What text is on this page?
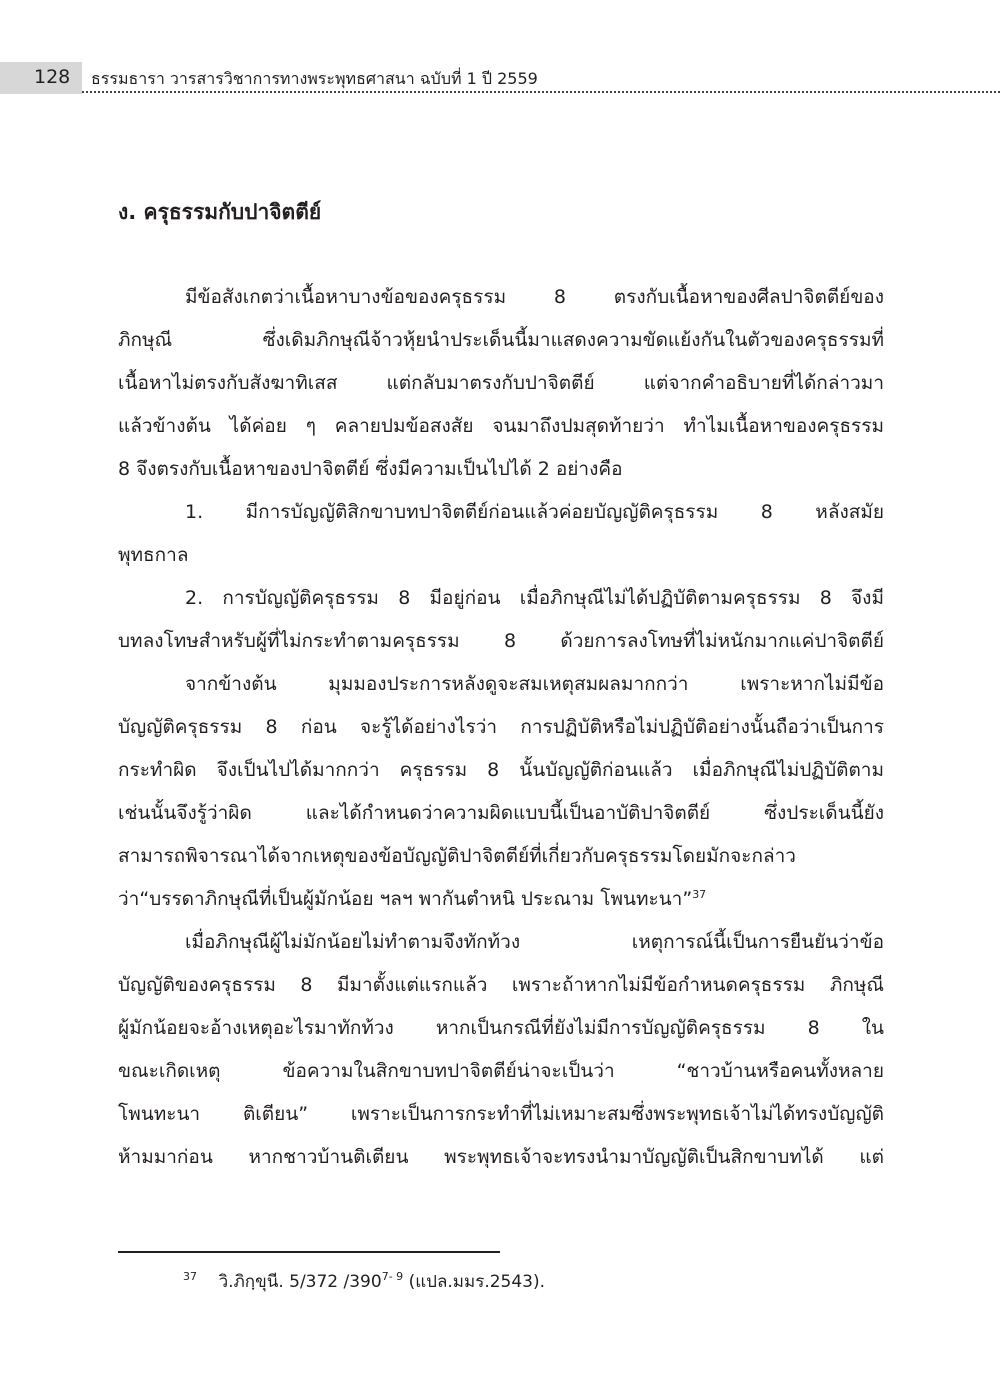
128 ธรรมธารา วารสารวิชาการทางพระพุทธศาสนา ฉบับที่ 1 ปี 2559
ง. ครุธรรมกับปาจิตตีย์
มีข้อสังเกตว่าเนื้อหาบางข้อของครุธรรม 8 ตรงกับเนื้อหาของศีลปาจิตตีย์ของ
ภิกษุณี ซึ่งเดิมภิกษุณีจ้าวหุ้ยนำประเด็นนี้มาแสดงความขัดแย้งกันในตัวของครุธรรมที่
เนื้อหาไม่ตรงกับสังฆาทิเสส แต่กลับมาตรงกับปาจิตตีย์ แต่จากคำอธิบายที่ได้กล่าวมา
แล้วข้างต้น ได้ค่อย ๆ คลายปมข้อสงสัย จนมาถึงปมสุดท้ายว่า ทำไมเนื้อหาของครุธรรม
8 จึงตรงกับเนื้อหาของปาจิตตีย์ ซึ่งมีความเป็นไปได้ 2 อย่างคือ
1. มีการบัญญัติสิกขาบทปาจิตตีย์ก่อนแล้วค่อยบัญญัติครุธรรม 8 หลังสมัย
พุทธกาล
2. การบัญญัติครุธรรม 8 มีอยู่ก่อน เมื่อภิกษุณีไม่ได้ปฏิบัติตามครุธรรม 8 จึงมี
บทลงโทษสำหรับผู้ที่ไม่กระทำตามครุธรรม 8 ด้วยการลงโทษที่ไม่หนักมากแค่ปาจิตตีย์
จากข้างต้น มุมมองประการหลังดูจะสมเหตุสมผลมากกว่า เพราะหากไม่มีข้อ
บัญญัติครุธรรม 8 ก่อน จะรู้ได้อย่างไรว่า การปฏิบัติหรือไม่ปฏิบัติอย่างนั้นถือว่าเป็นการ
กระทำผิด จึงเป็นไปได้มากกว่า ครุธรรม 8 นั้นบัญญัติก่อนแล้ว เมื่อภิกษุณีไม่ปฏิบัติตาม
เช่นนั้นจึงรู้ว่าผิด และได้กำหนดว่าความผิดแบบนี้เป็นอาบัติปาจิตตีย์ ซึ่งประเด็นนี้ยัง
สามารถพิจารณาได้จากเหตุของข้อบัญญัติปาจิตตีย์ที่เกี่ยวกับครุธรรมโดยมักจะกล่าว
ว่า“บรรดาภิกษุณีที่เป็นผู้มักน้อย ฯลฯ พากันตำหนิ ประณาม โพนทะนา”$^{37}$
เมื่อภิกษุณีผู้ไม่มักน้อยไม่ทำตามจึงทักท้วง เหตุการณ์นี้เป็นการยืนยันว่าข้อ
บัญญัติของครุธรรม 8 มีมาตั้งแต่แรกแล้ว เพราะถ้าหากไม่มีข้อกำหนดครุธรรม ภิกษุณี
ผู้มักน้อยจะอ้างเหตุอะไรมาทักท้วง หากเป็นกรณีที่ยังไม่มีการบัญญัติครุธรรม 8 ใน
ขณะเกิดเหตุ ข้อความในสิกขาบทปาจิตตีย์น่าจะเป็นว่า “ชาวบ้านหรือคนทั้งหลาย
โพนทะนา ติเตียน” เพราะเป็นการกระทำที่ไม่เหมาะสมซึ่งพระพุทธเจ้าไม่ได้ทรงบัญญัติ
ห้ามมาก่อน หากชาวบ้านติเตียน พระพุทธเจ้าจะทรงนำมาบัญญัติเป็นสิกขาบทได้ แต่
$^{37}$ วิ.ภิกฺขุนี. 5/372 /390$^{7- 9}$ (แปล.มมร.2543).
